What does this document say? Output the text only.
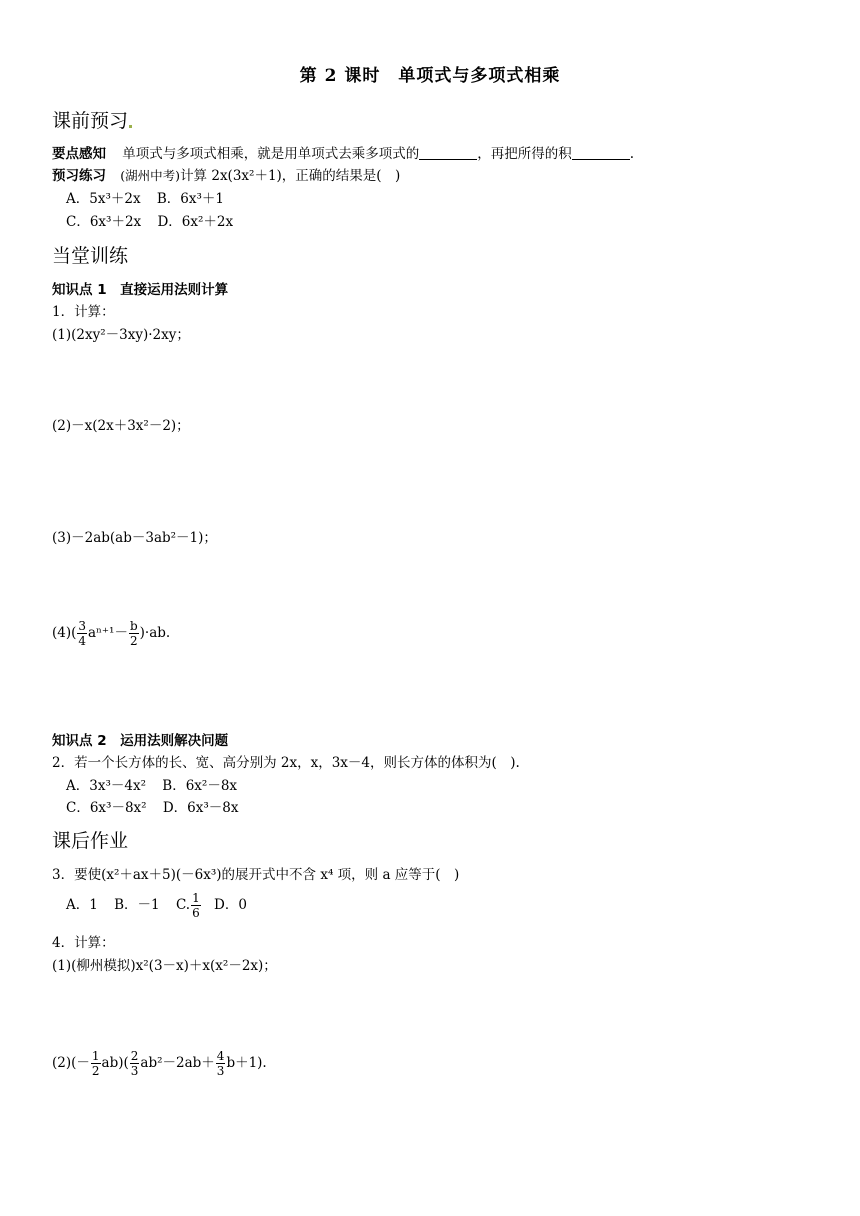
第 2 课时　单项式与多项式相乘
课前预习
要点感知 单项式与多项式相乘，就是用单项式去乘多项式的	，再把所得的积	.
预习练习 (湖州中考)计算 2x(3x²＋1)，正确的结果是(　)
A．5x³＋2x B．6x³＋1
C．6x³＋2x D．6x²＋2x
当堂训练
知识点 1　直接运用法则计算
1．计算：
(1)(2xy²－3xy)·2xy；
(2)－x(2x＋3x²－2)；
(3)－2ab(ab－3ab²－1)；
$(4)( \frac{3}{4} a^{n+1}- \frac{b}{2} )\cdot ab$.
知识点 2　运用法则解决问题
2．若一个长方体的长、宽、高分别为 2x，x，3x－4，则长方体的体积为(　).
A．3x³－4x² B．6x²－8x
C．6x³－8x² D．6x³－8x
课后作业
3．要使(x²＋ax＋5)(－6x³)的展开式中不含 x⁴ 项，则 a 应等于(　)
A．1 B．－1 C. $\frac{1}{6}$ D．0
4．计算：
(1)(柳州模拟)x²(3－x)＋x(x²－2x)；
$(2)(- \frac{1}{2} ab)( \frac{2}{3} ab^2-2ab+ \frac{4}{3} b+1)$.
